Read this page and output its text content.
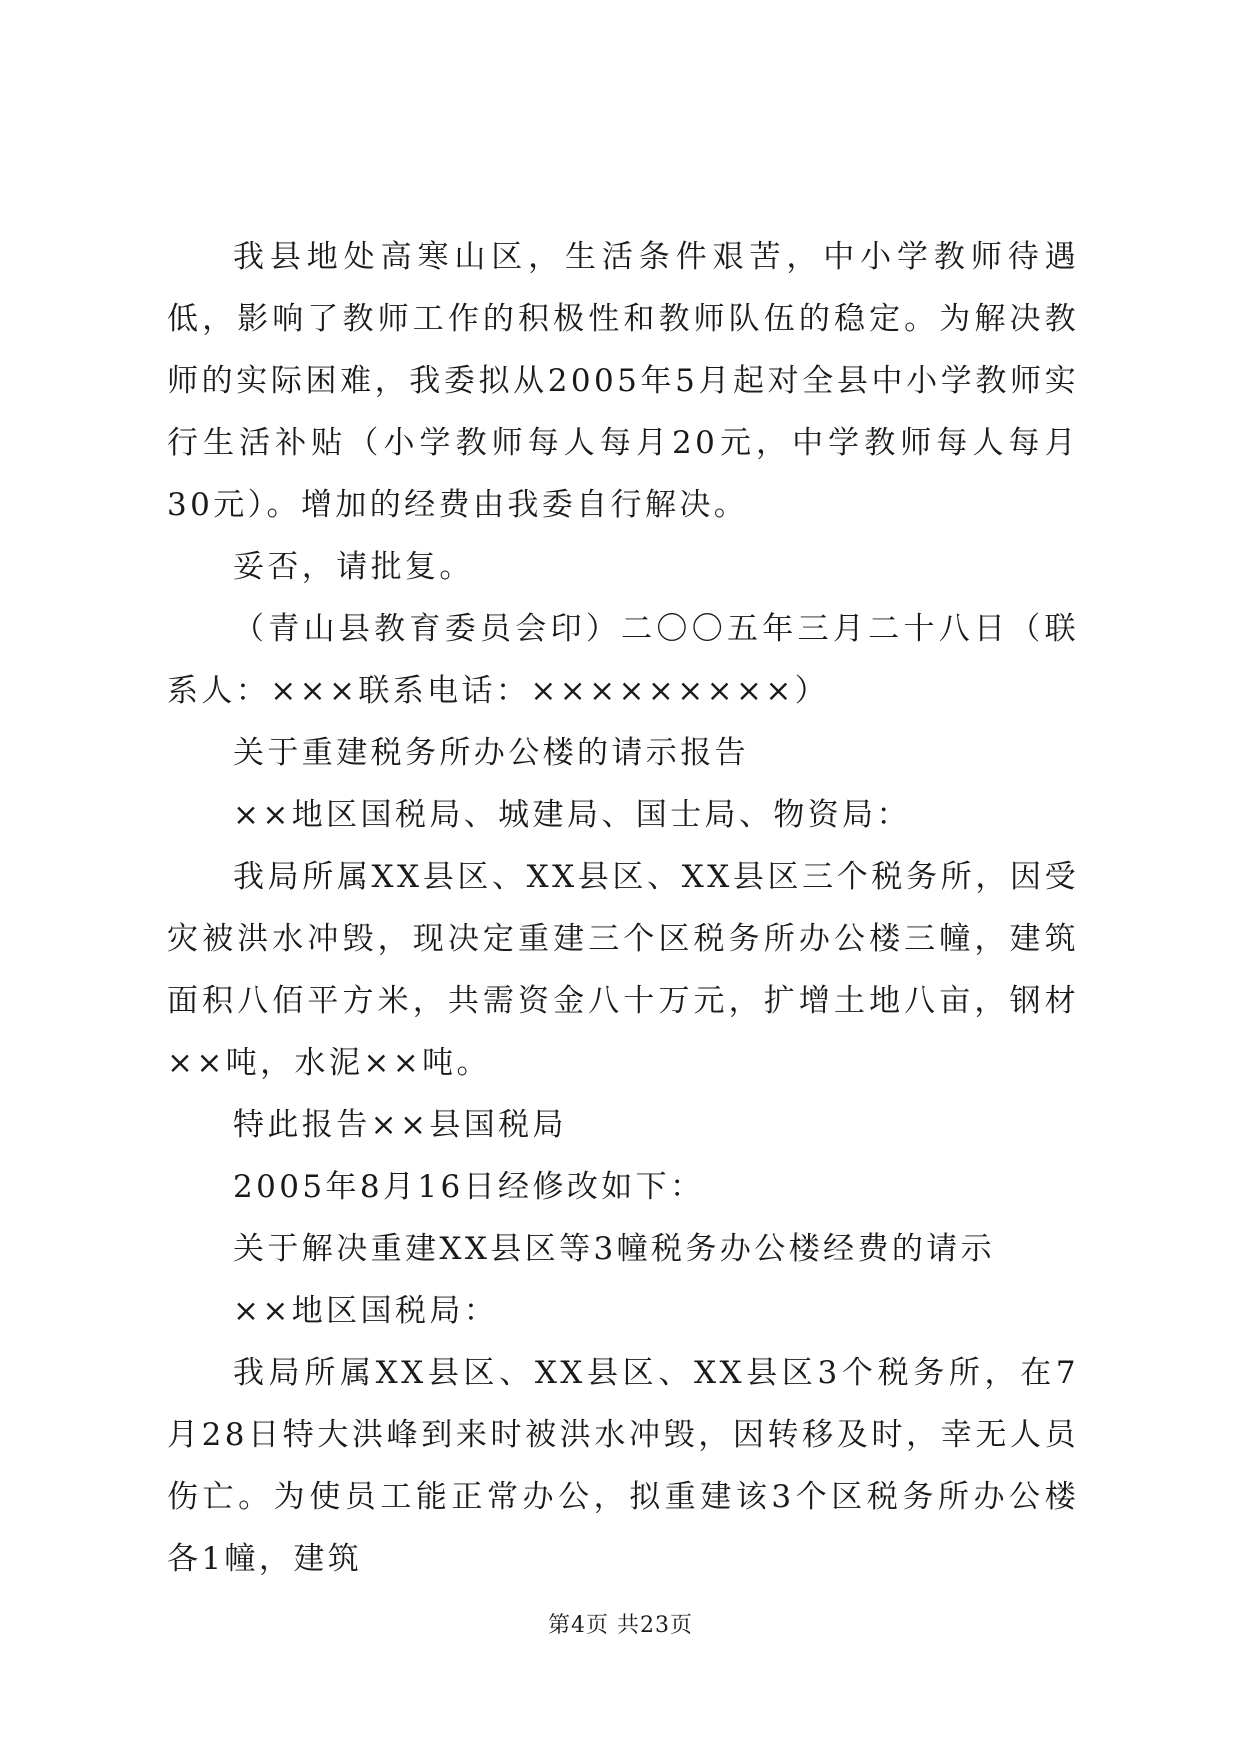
我县地处高寒山区，生活条件艰苦，中小学教师待遇低，影响了教师工作的积极性和教师队伍的稳定。为解决教师的实际困难，我委拟从2005年5月起对全县中小学教师实行生活补贴（小学教师每人每月20元，中学教师每人每月30元）。增加的经费由我委自行解决。

妥否，请批复。

（青山县教育委员会印）二〇〇五年三月二十八日（联系人：×××联系电话：×××××××××）

关于重建税务所办公楼的请示报告

××地区国税局、城建局、国士局、物资局：

我局所属XX县区、XX县区、XX县区三个税务所，因受灾被洪水冲毁，现决定重建三个区税务所办公楼三幢，建筑面积八佰平方米，共需资金八十万元，扩增土地八亩，钢材××吨，水泥××吨。

特此报告××县国税局

2005年8月16日经修改如下：

关于解决重建XX县区等3幢税务办公楼经费的请示

××地区国税局：

我局所属XX县区、XX县区、XX县区3个税务所，在7月28日特大洪峰到来时被洪水冲毁，因转移及时，幸无人员伤亡。为使员工能正常办公，拟重建该3个区税务所办公楼各1幢，建筑

第4页 共23页
